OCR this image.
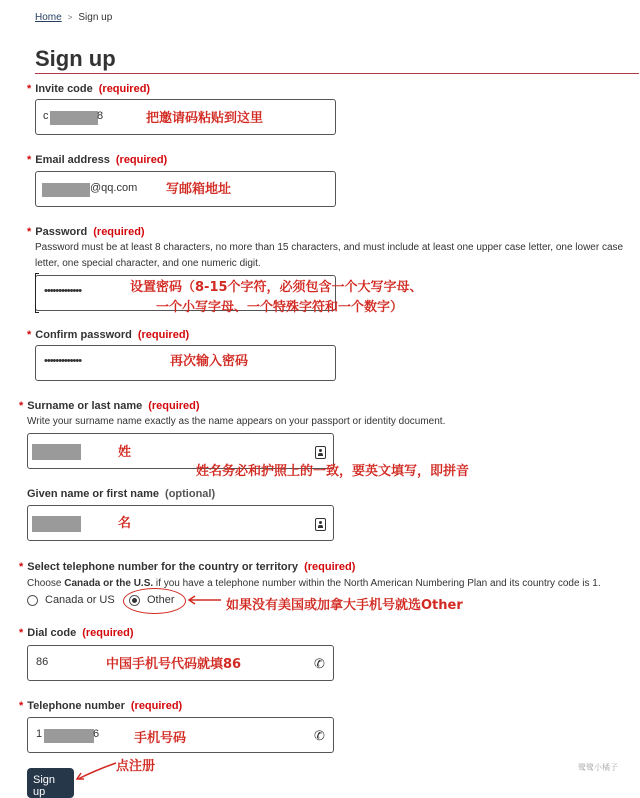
Home > Sign up
Sign up
* Invite code (required)
c	8	把邀请码粘贴到这里
* Email address (required)
@qq.com 写邮箱地址
* Password (required)
Password must be at least 8 characters, no more than 15 characters, and must include at least one upper case letter, one lower case letter, one special character, and one numeric digit.
•••••••••••••	设置密码（8-15个字符，必须包含一个大写字母、
一个小写字母、一个特殊字符和一个数字）
* Confirm password (required)
•••••••••••••	再次输入密码
* Surname or last name (required)
Write your surname name exactly as the name appears on your passport or identity document.
姓
姓名务必和护照上的一致，要英文填写，即拼音
Given name or first name (optional)
名
* Select telephone number for the country or territory (required)
Choose Canada or the U.S. if you have a telephone number within the North American Numbering Plan and its country code is 1.
Canada or US	Other	如果没有美国或加拿大手机号就选Other
* Dial code (required)
86	✆
中国手机号代码就填86
* Telephone number (required)
1	6	✆
手机号码
点注册
Sign up
鹭鹭小橘子
